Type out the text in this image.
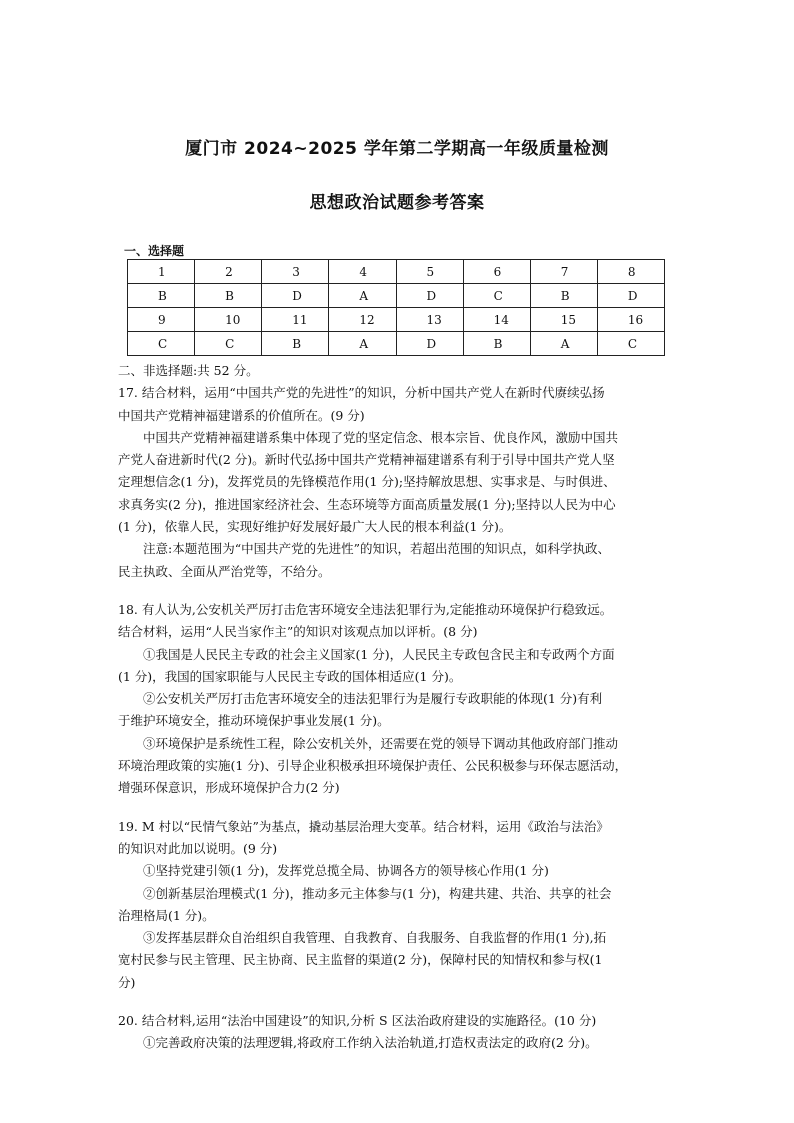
厦门市 2024~2025 学年第二学期高一年级质量检测
思想政治试题参考答案
一、选择题
1	2	3	4	5	6	7	8
B	B	D	A	D	C	B	D
9	10	11	12	13	14	15	16
C	C	B	A	D	B	A	C

二、非选择题:共 52 分。

17. 结合材料，运用“中国共产党的先进性”的知识，分析中国共产党人在新时代赓续弘扬

中国共产党精神福建谱系的价值所在。(9 分)

中国共产党精神福建谱系集中体现了党的坚定信念、根本宗旨、优良作风，激励中国共

产党人奋进新时代(2 分)。新时代弘扬中国共产党精神福建谱系有利于引导中国共产党人坚

定理想信念(1 分)，发挥党员的先锋模范作用(1 分);坚持解放思想、实事求是、与时俱进、

求真务实(2 分)，推进国家经济社会、生态环境等方面高质量发展(1 分);坚持以人民为中心

(1 分)，依靠人民，实现好维护好发展好最广大人民的根本利益(1 分)。

注意:本题范围为“中国共产党的先进性”的知识，若超出范围的知识点，如科学执政、

民主执政、全面从严治党等，不给分。

18. 有人认为,公安机关严厉打击危害环境安全违法犯罪行为,定能推动环境保护行稳致远。

结合材料，运用“人民当家作主”的知识对该观点加以评析。(8 分)

①我国是人民民主专政的社会主义国家(1 分)，人民民主专政包含民主和专政两个方面

(1 分)，我国的国家职能与人民民主专政的国体相适应(1 分)。

②公安机关严厉打击危害环境安全的违法犯罪行为是履行专政职能的体现(1 分)有利

于维护环境安全，推动环境保护事业发展(1 分)。

③环境保护是系统性工程，除公安机关外，还需要在党的领导下调动其他政府部门推动

环境治理政策的实施(1 分)、引导企业积极承担环境保护责任、公民积极参与环保志愿活动，

增强环保意识，形成环境保护合力(2 分)

19. M 村以“民情气象站”为基点，撬动基层治理大变革。结合材料，运用《政治与法治》

的知识对此加以说明。(9 分)

①坚持党建引领(1 分)，发挥党总揽全局、协调各方的领导核心作用(1 分)

②创新基层治理模式(1 分)，推动多元主体参与(1 分)，构建共建、共治、共享的社会

治理格局(1 分)。

③发挥基层群众自治组织自我管理、自我教育、自我服务、自我监督的作用(1 分),拓

宽村民参与民主管理、民主协商、民主监督的渠道(2 分)，保障村民的知情权和参与权(1

分)

20. 结合材料,运用“法治中国建设”的知识,分析 S 区法治政府建设的实施路径。(10 分)

①完善政府决策的法理逻辑,将政府工作纳入法治轨道,打造权责法定的政府(2 分)。
